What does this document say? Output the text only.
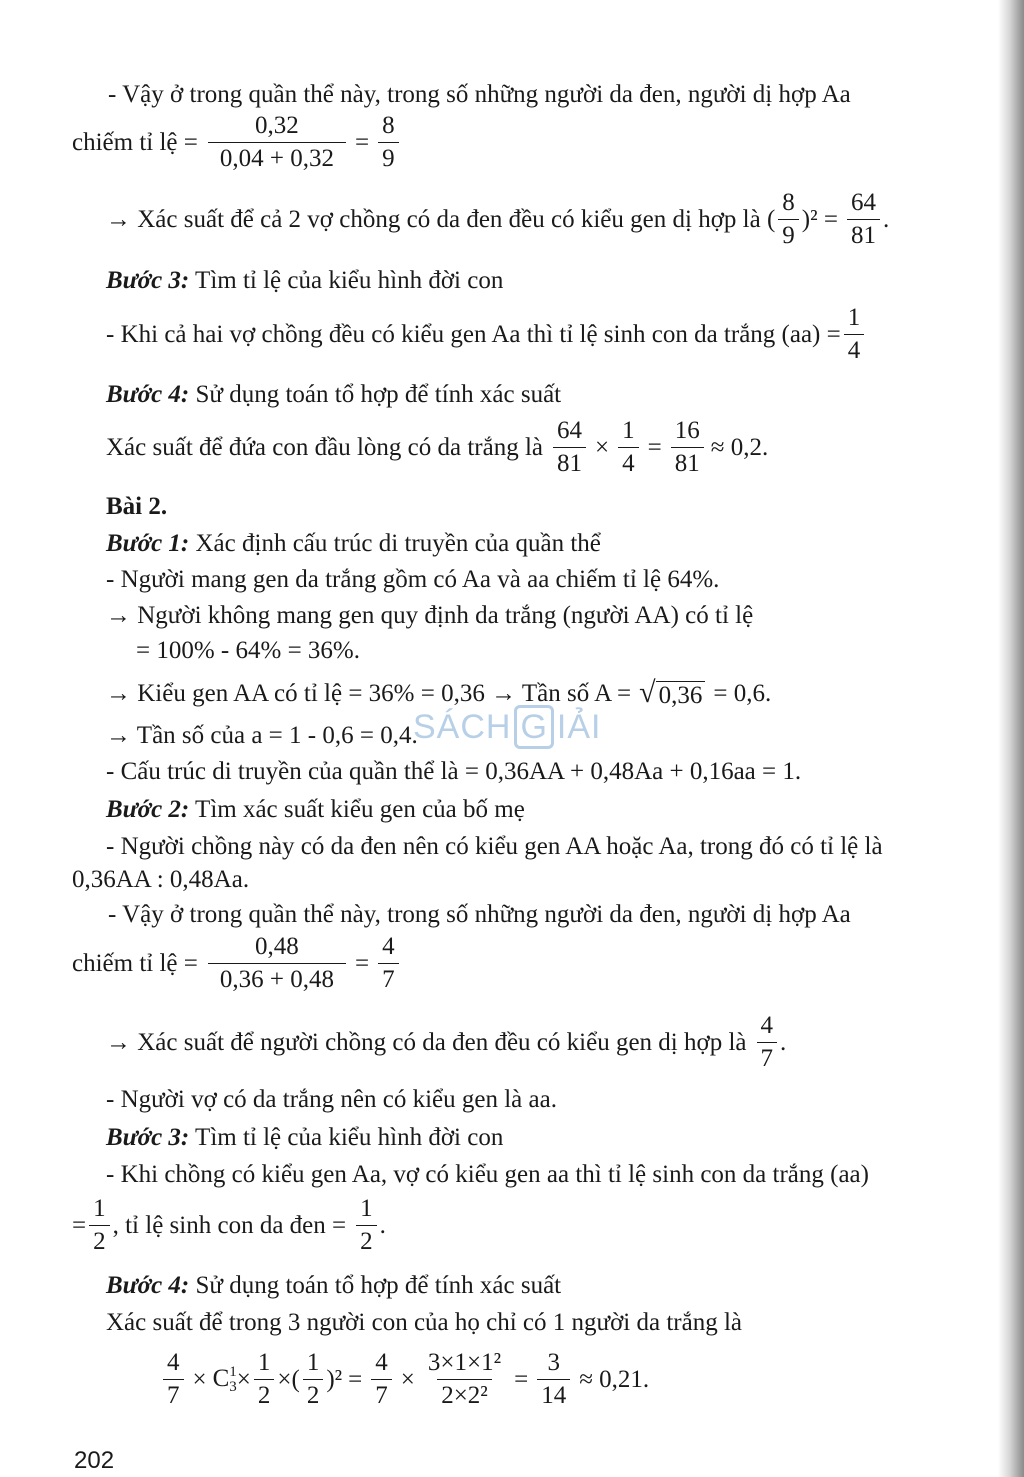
SÁCH G IẢI
- Vậy ở trong quần thể này, trong số những người da đen, người dị hợp Aa
chiếm tỉ lệ = $\frac{0,32}{0,04 + 0,32} = \frac{8}{9}$
→ Xác suất để cả 2 vợ chồng có da đen đều có kiểu gen dị hợp là (
8
9
)$^2 = \frac{64}{81}$ .
Bước 3: Tìm tỉ lệ của kiểu hình đời con
- Khi cả hai vợ chồng đều có kiểu gen Aa thì tỉ lệ sinh con da trắng $(aa) = \frac{1}{4}$
Bước 4: Sử dụng toán tổ hợp để tính xác suất
Xác suất để đứa con đầu lòng có da trắng là $\frac{64}{81} \times \frac{1}{4} = \frac{16}{81} \approx 0,2$.
Bài 2.
Bước 1: Xác định cấu trúc di truyền của quần thể
- Người mang gen da trắng gồm có Aa và aa chiếm tỉ lệ 64%.
→ Người không mang gen quy định da trắng (người AA) có tỉ lệ
= 100% - 64% = 36%.
→ Kiểu gen AA có tỉ lệ = 36% = 0,36 → Tần số A = √ 0,36 = 0,6.
→ Tần số của a = 1 - 0,6 = 0,4.
- Cấu trúc di truyền của quần thể là = 0,36AA + 0,48Aa + 0,16aa = 1.
Bước 2: Tìm xác suất kiểu gen của bố mẹ
- Người chồng này có da đen nên có kiểu gen AA hoặc Aa, trong đó có tỉ lệ là
0,36AA : 0,48Aa.
- Vậy ở trong quần thể này, trong số những người da đen, người dị hợp Aa
chiếm tỉ lệ = $\frac{0,48}{0,36 + 0,48} = \frac{4}{7}$
→ Xác suất để người chồng có da đen đều có kiểu gen dị hợp là
4
7
.
- Người vợ có da trắng nên có kiểu gen là aa.
Bước 3: Tìm tỉ lệ của kiểu hình đời con
- Khi chồng có kiểu gen Aa, vợ có kiểu gen aa thì tỉ lệ sinh con da trắng (aa)
= $\frac{1}{2}$ , tỉ lệ sinh con da đen = $\frac{1}{2}$ .
Bước 4: Sử dụng toán tổ hợp để tính xác suất
Xác suất để trong 3 người con của họ chỉ có 1 người da trắng là
$\frac{4}{7} \times C$ 1
$3 \times \frac{1}{2}$ ×(
1
2
)$^2 = \frac{4}{7} \times \frac{\text{3×1×1²}}{\text{2×2²}} = \frac{3}{14} \approx 0,21$.
202
